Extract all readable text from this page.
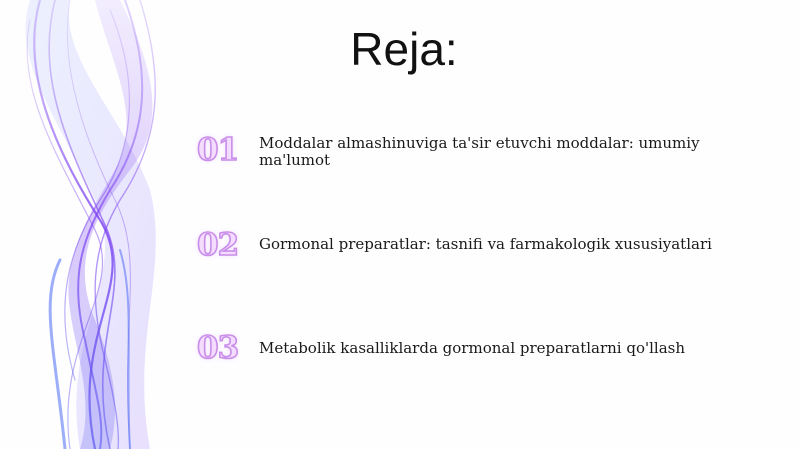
Reja:
01	Moddalar almashinuviga ta'sir etuvchi moddalar: umumiy ma'lumot
02	Gormonal preparatlar: tasnifi va farmakologik xususiyatlari
03	Metabolik kasalliklarda gormonal preparatlarni qo'llash
